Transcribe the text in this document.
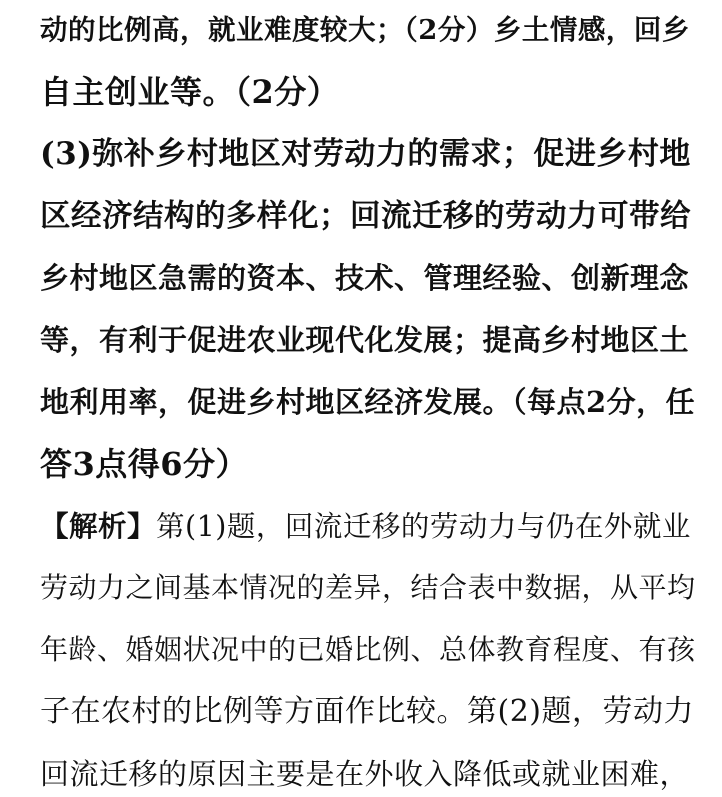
动的比例高，就业难度较大；（2分）乡土情感，回乡

自主创业等。（2分）

(3)弥补乡村地区对劳动力的需求；促进乡村地

区经济结构的多样化；回流迁移的劳动力可带给

乡村地区急需的资本、技术、管理经验、创新理念

等，有利于促进农业现代化发展；提高乡村地区土

地利用率，促进乡村地区经济发展。（每点2分，任

答3点得6分）

【解析】第(1)题，回流迁移的劳动力与仍在外就业

劳动力之间基本情况的差异，结合表中数据，从平均

年龄、婚姻状况中的已婚比例、总体教育程度、有孩

子在农村的比例等方面作比较。第(2)题，劳动力

回流迁移的原因主要是在外收入降低或就业困难，
